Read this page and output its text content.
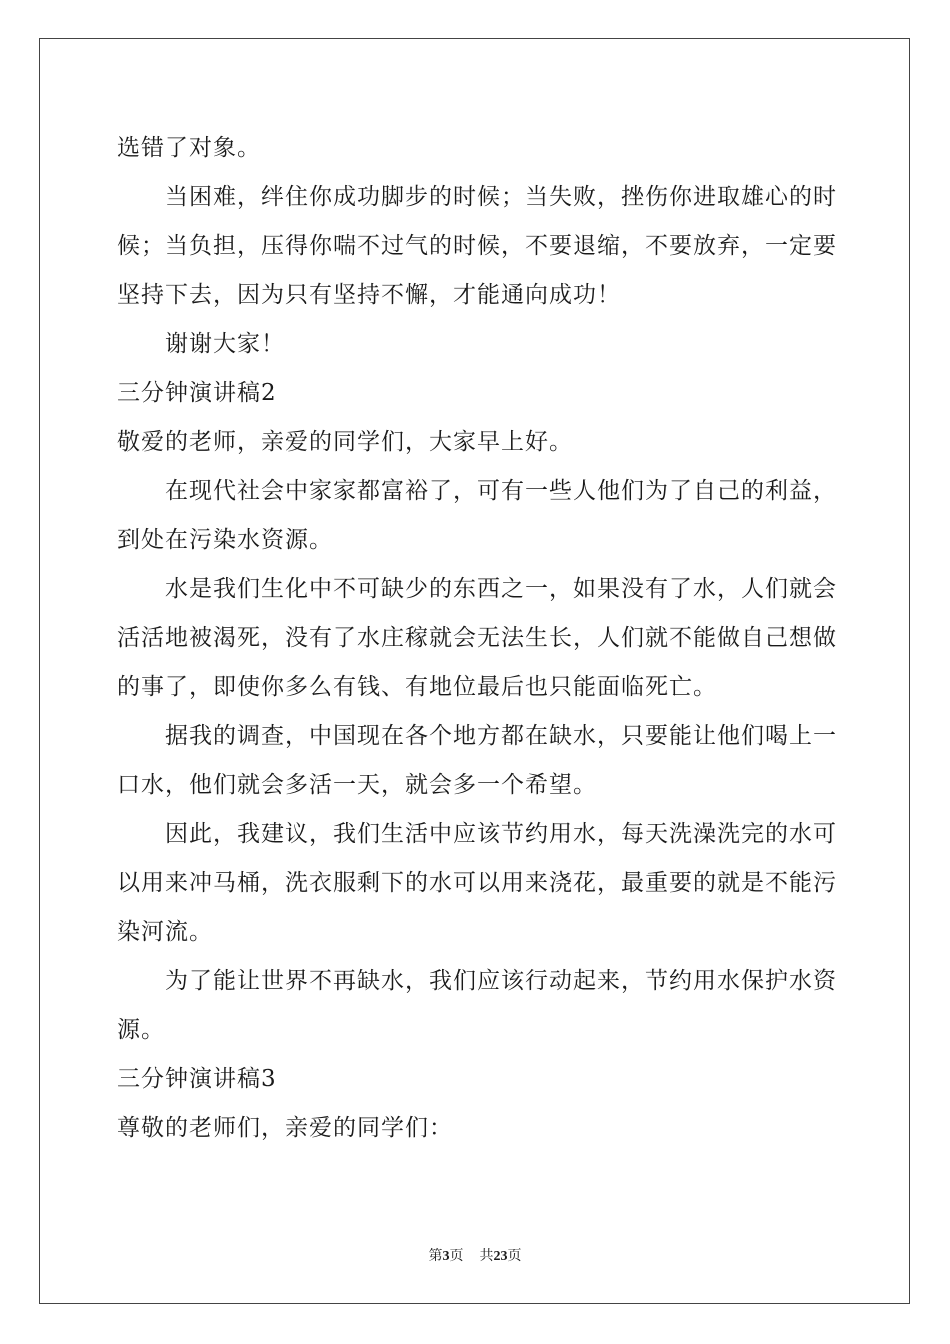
选错了对象。
当困难，绊住你成功脚步的时候；当失败，挫伤你进取雄心的时
候；当负担，压得你喘不过气的时候，不要退缩，不要放弃，一定要
坚持下去，因为只有坚持不懈，才能通向成功！
谢谢大家！
三分钟演讲稿2
敬爱的老师，亲爱的同学们，大家早上好。
在现代社会中家家都富裕了，可有一些人他们为了自己的利益，
到处在污染水资源。
水是我们生化中不可缺少的东西之一，如果没有了水，人们就会
活活地被渴死，没有了水庄稼就会无法生长，人们就不能做自己想做
的事了，即使你多么有钱、有地位最后也只能面临死亡。
据我的调查，中国现在各个地方都在缺水，只要能让他们喝上一
口水，他们就会多活一天，就会多一个希望。
因此，我建议，我们生活中应该节约用水，每天洗澡洗完的水可
以用来冲马桶，洗衣服剩下的水可以用来浇花，最重要的就是不能污
染河流。
为了能让世界不再缺水，我们应该行动起来，节约用水保护水资
源。
三分钟演讲稿3
尊敬的老师们，亲爱的同学们：
第3页 共23页
